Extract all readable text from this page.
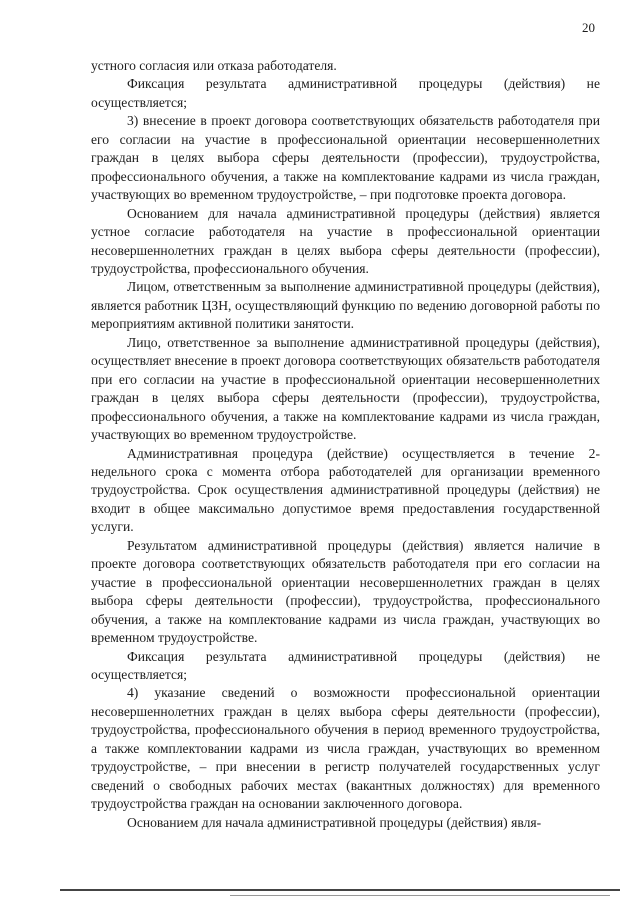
20

устного согласия или отказа работодателя.

Фиксация результата административной процедуры (действия) не осуществляется;

3) внесение в проект договора соответствующих обязательств работодателя при его согласии на участие в профессиональной ориентации несовершеннолетних граждан в целях выбора сферы деятельности (профессии), трудоустройства, профессионального обучения, а также на комплектование кадрами из числа граждан, участвующих во временном трудоустройстве, – при подготовке проекта договора.

Основанием для начала административной процедуры (действия) является устное согласие работодателя на участие в профессиональной ориентации несовершеннолетних граждан в целях выбора сферы деятельности (профессии), трудоустройства, профессионального обучения.

Лицом, ответственным за выполнение административной процедуры (действия), является работник ЦЗН, осуществляющий функцию по ведению договорной работы по мероприятиям активной политики занятости.

Лицо, ответственное за выполнение административной процедуры (действия), осуществляет внесение в проект договора соответствующих обязательств работодателя при его согласии на участие в профессиональной ориентации несовершеннолетних граждан в целях выбора сферы деятельности (профессии), трудоустройства, профессионального обучения, а также на комплектование кадрами из числа граждан, участвующих во временном трудоустройстве.

Административная процедура (действие) осуществляется в течение 2-недельного срока с момента отбора работодателей для организации временного трудоустройства. Срок осуществления административной процедуры (действия) не входит в общее максимально допустимое время предоставления государственной услуги.

Результатом административной процедуры (действия) является наличие в проекте договора соответствующих обязательств работодателя при его согласии на участие в профессиональной ориентации несовершеннолетних граждан в целях выбора сферы деятельности (профессии), трудоустройства, профессионального обучения, а также на комплектование кадрами из числа граждан, участвующих во временном трудоустройстве.

Фиксация результата административной процедуры (действия) не осуществляется;

4) указание сведений о возможности профессиональной ориентации несовершеннолетних граждан в целях выбора сферы деятельности (профессии), трудоустройства, профессионального обучения в период временного трудоустройства, а также комплектовании кадрами из числа граждан, участвующих во временном трудоустройстве, – при внесении в регистр получателей государственных услуг сведений о свободных рабочих местах (вакантных должностях) для временного трудоустройства граждан на основании заключенного договора.

Основанием для начала административной процедуры (действия) явля-
